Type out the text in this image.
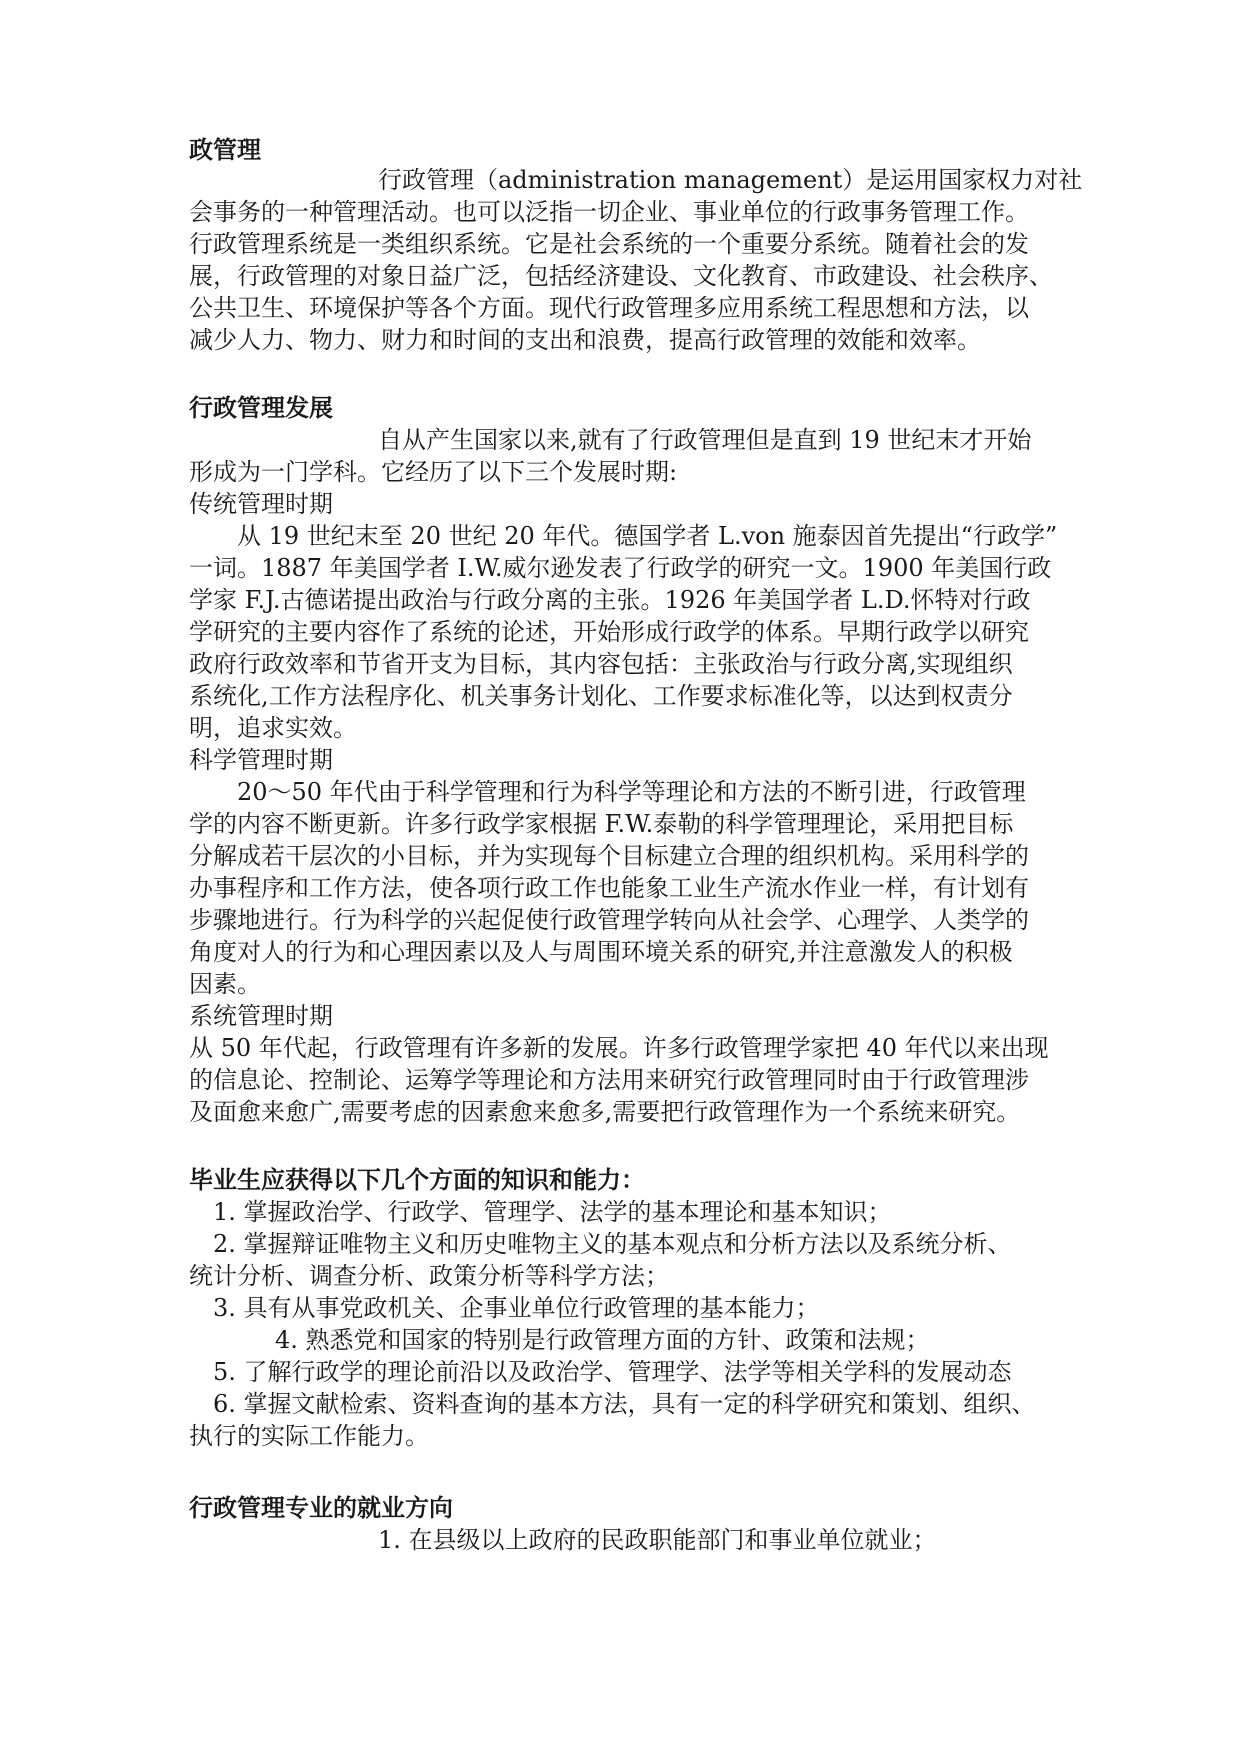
政管理

行政管理（administration management）是运用国家权力对社

会事务的一种管理活动。也可以泛指一切企业、事业单位的行政事务管理工作。

行政管理系统是一类组织系统。它是社会系统的一个重要分系统。随着社会的发

展，行政管理的对象日益广泛，包括经济建设、文化教育、市政建设、社会秩序、

公共卫生、环境保护等各个方面。现代行政管理多应用系统工程思想和方法，以

减少人力、物力、财力和时间的支出和浪费，提高行政管理的效能和效率。

行政管理发展

自从产生国家以来,就有了行政管理但是直到 19 世纪末才开始

形成为一门学科。它经历了以下三个发展时期:

传统管理时期

从 19 世纪末至 20 世纪 20 年代。德国学者 L.von 施泰因首先提出“行政学”

一词。1887 年美国学者 I.W.威尔逊发表了行政学的研究一文。1900 年美国行政

学家 F.J.古德诺提出政治与行政分离的主张。1926 年美国学者 L.D.怀特对行政

学研究的主要内容作了系统的论述，开始形成行政学的体系。早期行政学以研究

政府行政效率和节省开支为目标，其内容包括：主张政治与行政分离,实现组织

系统化,工作方法程序化、机关事务计划化、工作要求标准化等，以达到权责分

明，追求实效。

科学管理时期

20～50 年代由于科学管理和行为科学等理论和方法的不断引进，行政管理

学的内容不断更新。许多行政学家根据 F.W.泰勒的科学管理理论，采用把目标

分解成若干层次的小目标，并为实现每个目标建立合理的组织机构。采用科学的

办事程序和工作方法，使各项行政工作也能象工业生产流水作业一样，有计划有

步骤地进行。行为科学的兴起促使行政管理学转向从社会学、心理学、人类学的

角度对人的行为和心理因素以及人与周围环境关系的研究,并注意激发人的积极

因素。

系统管理时期

从 50 年代起，行政管理有许多新的发展。许多行政管理学家把 40 年代以来出现

的信息论、控制论、运筹学等理论和方法用来研究行政管理同时由于行政管理涉

及面愈来愈广,需要考虑的因素愈来愈多,需要把行政管理作为一个系统来研究。

毕业生应获得以下几个方面的知识和能力：

1. 掌握政治学、行政学、管理学、法学的基本理论和基本知识；

2. 掌握辩证唯物主义和历史唯物主义的基本观点和分析方法以及系统分析、

统计分析、调查分析、政策分析等科学方法；

3. 具有从事党政机关、企事业单位行政管理的基本能力；

4. 熟悉党和国家的特别是行政管理方面的方针、政策和法规；

5. 了解行政学的理论前沿以及政治学、管理学、法学等相关学科的发展动态

6. 掌握文献检索、资料查询的基本方法，具有一定的科学研究和策划、组织、

执行的实际工作能力。

行政管理专业的就业方向

1. 在县级以上政府的民政职能部门和事业单位就业；
